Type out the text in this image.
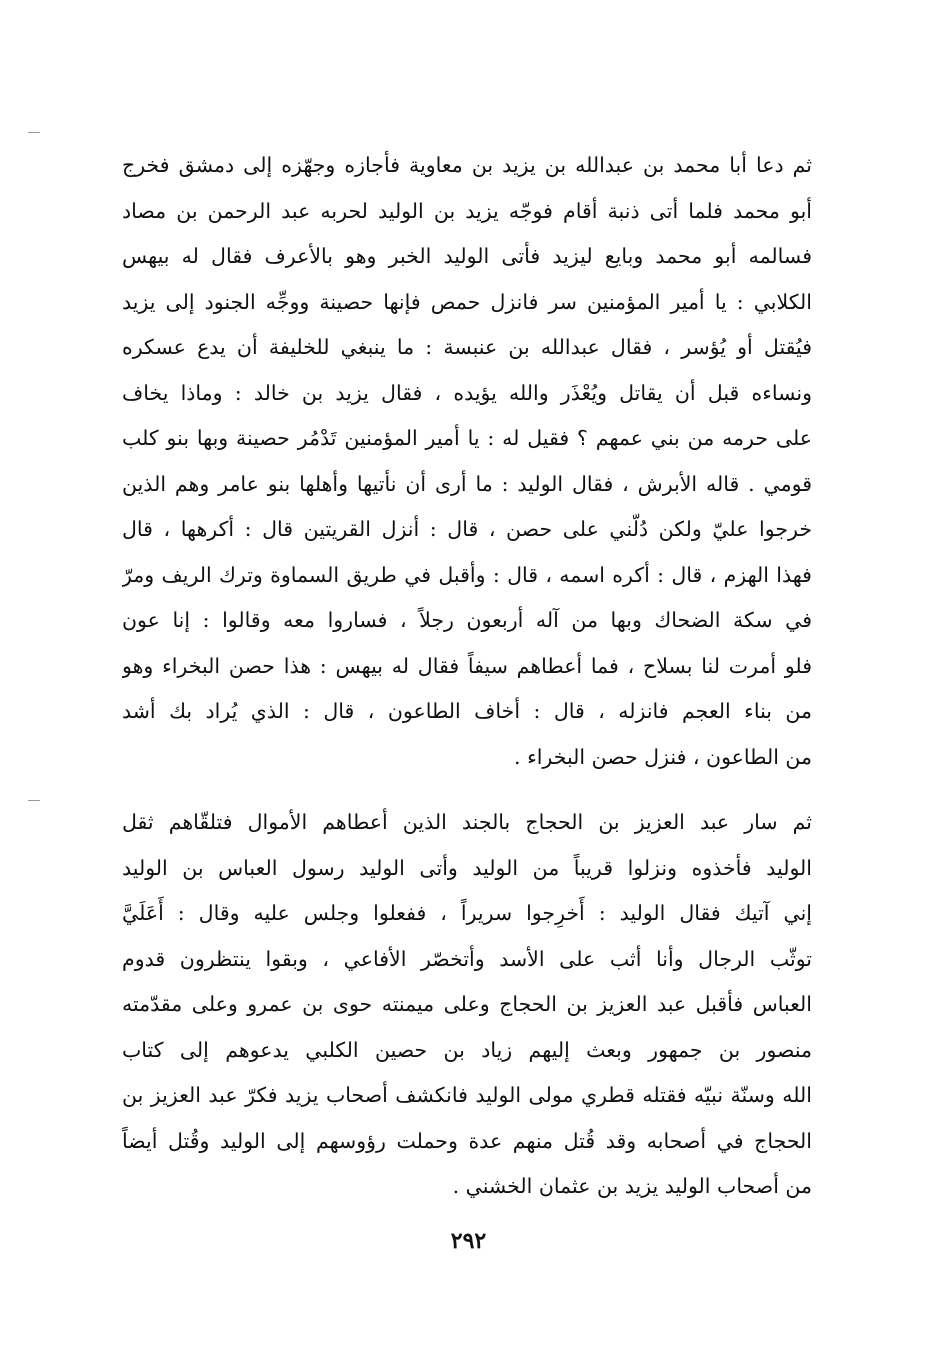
ثم دعا أبا محمد بن عبدالله بن يزيد بن معاوية فأجازه وجهّزه إلى دمشق فخرج
أبو محمد فلما أتى ذنبة أقام فوجّه يزيد بن الوليد لحربه عبد الرحمن بن مصاد
فسالمه أبو محمد وبايع ليزيد فأتى الوليد الخبر وهو بالأعرف فقال له بيهس
الكلابي : يا أمير المؤمنين سر فانزل حمص فإنها حصينة ووجِّه الجنود إلى يزيد
فيُقتل أو يُؤسر ، فقال عبدالله بن عنبسة : ما ينبغي للخليفة أن يدع عسكره
ونساءه قبل أن يقاتل ويُعْذَر والله يؤيده ، فقال يزيد بن خالد : وماذا يخاف
على حرمه من بني عمهم ؟ فقيل له : يا أمير المؤمنين تَدْمُر حصينة وبها بنو كلب
قومي . قاله الأبرش ، فقال الوليد : ما أرى أن نأتيها وأهلها بنو عامر وهم الذين
خرجوا عليّ ولكن دُلّني على حصن ، قال : أنزل القريتين قال : أكرهها ، قال
فهذا الهزم ، قال : أكره اسمه ، قال : وأقبل في طريق السماوة وترك الريف ومرّ
في سكة الضحاك وبها من آله أربعون رجلاً ، فساروا معه وقالوا : إنا عون
فلو أمرت لنا بسلاح ، فما أعطاهم سيفاً فقال له بيهس : هذا حصن البخراء وهو
من بناء العجم فانزله ، قال : أخاف الطاعون ، قال : الذي يُراد بك أشد
من الطاعون ، فنزل حصن البخراء .
ثم سار عبد العزيز بن الحجاج بالجند الذين أعطاهم الأموال فتلقّاهم ثقل
الوليد فأخذوه ونزلوا قريباً من الوليد وأتى الوليد رسول العباس بن الوليد
إني آتيك فقال الوليد : أَخرِجوا سريراً ، ففعلوا وجلس عليه وقال : أَعَلَيَّ
توثّب الرجال وأنا أثب على الأسد وأتخصّر الأفاعي ، وبقوا ينتظرون قدوم
العباس فأقبل عبد العزيز بن الحجاج وعلى ميمنته حوى بن عمرو وعلى مقدّمته
منصور بن جمهور وبعث إليهم زياد بن حصين الكلبي يدعوهم إلى كتاب
الله وسنّة نبيّه فقتله قطري مولى الوليد فانكشف أصحاب يزيد فكرّ عبد العزيز بن
الحجاج في أصحابه وقد قُتل منهم عدة وحملت رؤوسهم إلى الوليد وقُتل أيضاً
من أصحاب الوليد يزيد بن عثمان الخشني .
٢٩٢
